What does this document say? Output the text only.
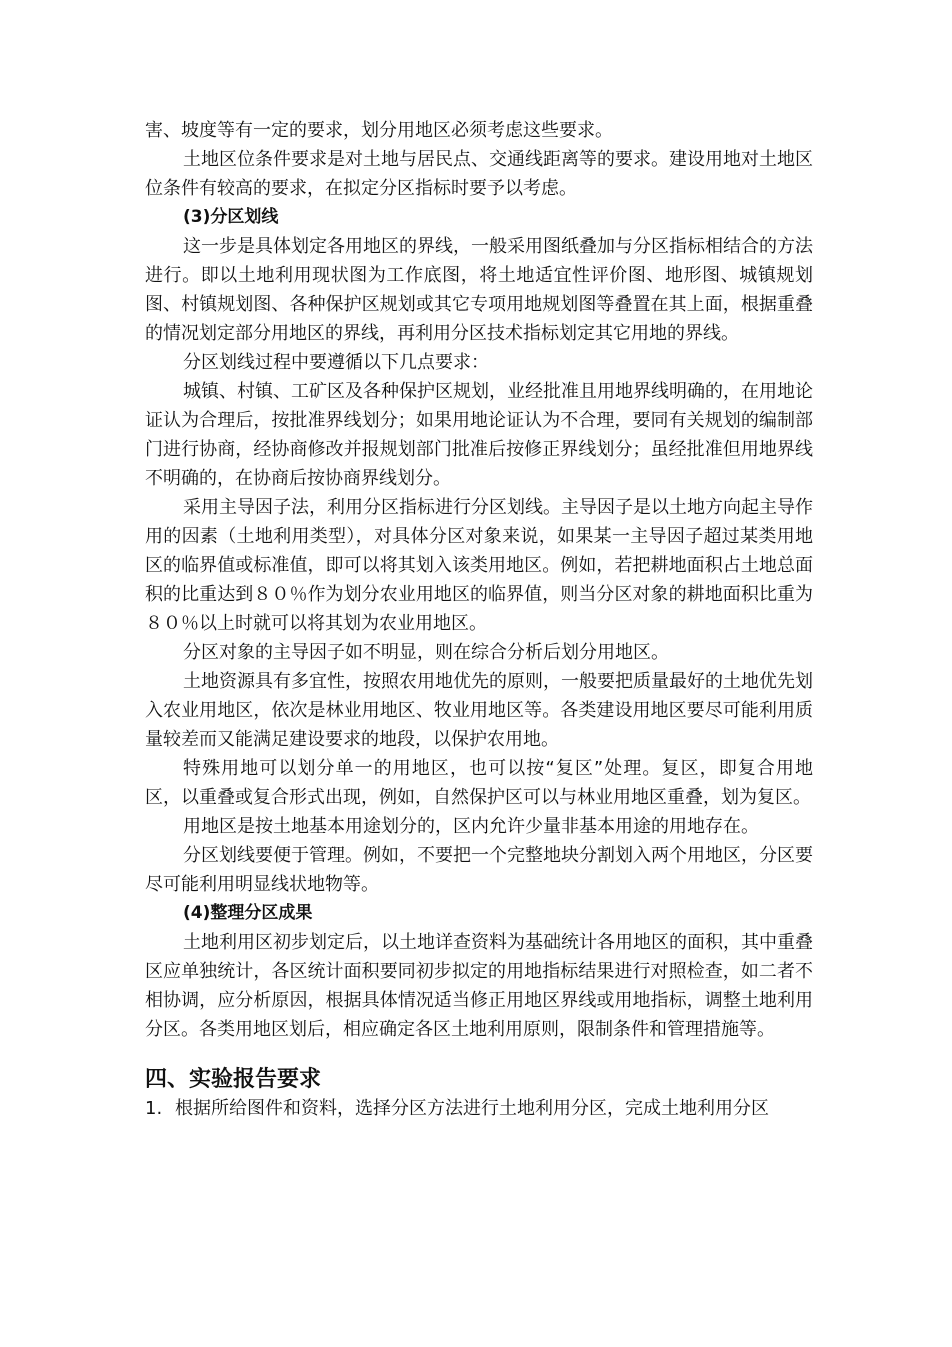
害、坡度等有一定的要求，划分用地区必须考虑这些要求。

土地区位条件要求是对土地与居民点、交通线距离等的要求。建设用地对土地区位条件有较高的要求，在拟定分区指标时要予以考虑。

(3)分区划线

这一步是具体划定各用地区的界线，一般采用图纸叠加与分区指标相结合的方法进行。即以土地利用现状图为工作底图，将土地适宜性评价图、地形图、城镇规划图、村镇规划图、各种保护区规划或其它专项用地规划图等叠置在其上面，根据重叠的情况划定部分用地区的界线，再利用分区技术指标划定其它用地的界线。

分区划线过程中要遵循以下几点要求：

城镇、村镇、工矿区及各种保护区规划，业经批准且用地界线明确的，在用地论证认为合理后，按批准界线划分；如果用地论证认为不合理，要同有关规划的编制部门进行协商，经协商修改并报规划部门批准后按修正界线划分；虽经批准但用地界线不明确的，在协商后按协商界线划分。

采用主导因子法，利用分区指标进行分区划线。主导因子是以土地方向起主导作用的因素（土地利用类型），对具体分区对象来说，如果某一主导因子超过某类用地区的临界值或标准值，即可以将其划入该类用地区。例如，若把耕地面积占土地总面积的比重达到８０％作为划分农业用地区的临界值，则当分区对象的耕地面积比重为８０％以上时就可以将其划为农业用地区。

分区对象的主导因子如不明显，则在综合分析后划分用地区。

土地资源具有多宜性，按照农用地优先的原则，一般要把质量最好的土地优先划入农业用地区，依次是林业用地区、牧业用地区等。各类建设用地区要尽可能利用质量较差而又能满足建设要求的地段，以保护农用地。

特殊用地可以划分单一的用地区，也可以按“复区”处理。复区，即复合用地区，以重叠或复合形式出现，例如，自然保护区可以与林业用地区重叠，划为复区。

用地区是按土地基本用途划分的，区内允许少量非基本用途的用地存在。

分区划线要便于管理。例如，不要把一个完整地块分割划入两个用地区，分区要尽可能利用明显线状地物等。

(4)整理分区成果

土地利用区初步划定后，以土地详查资料为基础统计各用地区的面积，其中重叠区应单独统计，各区统计面积要同初步拟定的用地指标结果进行对照检查，如二者不相协调，应分析原因，根据具体情况适当修正用地区界线或用地指标，调整土地利用分区。各类用地区划后，相应确定各区土地利用原则，限制条件和管理措施等。

四、实验报告要求
1. 根据所给图件和资料，选择分区方法进行土地利用分区，完成土地利用分区
